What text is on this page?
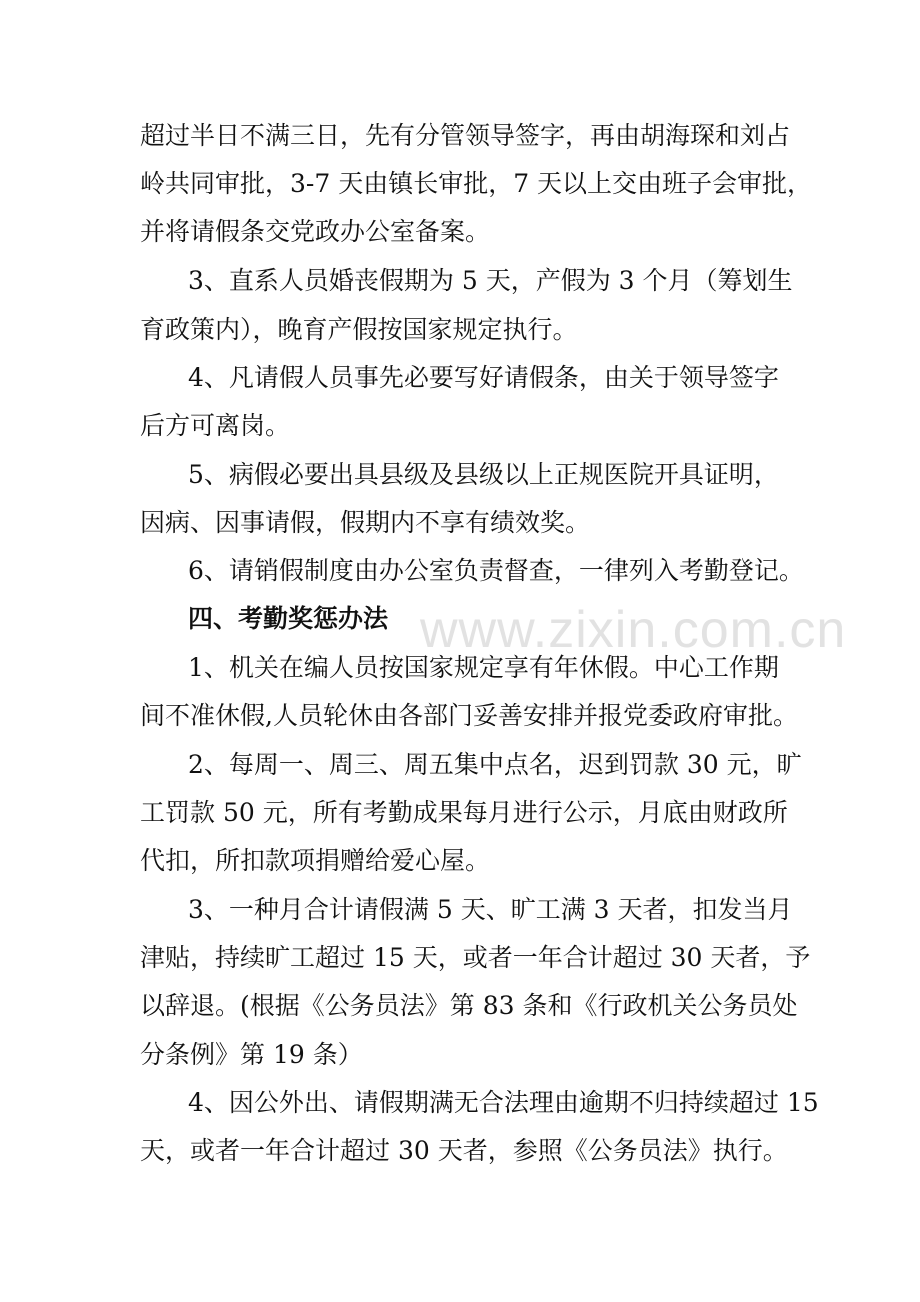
www.zixin.com.cn
超过半日不满三日，先有分管领导签字，再由胡海琛和刘占
岭共同审批，3-7 天由镇长审批，7 天以上交由班子会审批，
并将请假条交党政办公室备案。
3、直系人员婚丧假期为 5 天，产假为 3 个月（筹划生
育政策内），晚育产假按国家规定执行。
4、凡请假人员事先必要写好请假条，由关于领导签字
后方可离岗。
5、病假必要出具县级及县级以上正规医院开具证明，
因病、因事请假，假期内不享有绩效奖。
6、请销假制度由办公室负责督查，一律列入考勤登记。
四、考勤奖惩办法
1、机关在编人员按国家规定享有年休假。中心工作期
间不准休假,人员轮休由各部门妥善安排并报党委政府审批。
2、每周一、周三、周五集中点名，迟到罚款 30 元，旷
工罚款 50 元，所有考勤成果每月进行公示，月底由财政所
代扣，所扣款项捐赠给爱心屋。
3、一种月合计请假满 5 天、旷工满 3 天者，扣发当月
津贴，持续旷工超过 15 天，或者一年合计超过 30 天者，予
以辞退。(根据《公务员法》第 83 条和《行政机关公务员处
分条例》第 19 条）
4、因公外出、请假期满无合法理由逾期不归持续超过 15
天，或者一年合计超过 30 天者，参照《公务员法》执行。
